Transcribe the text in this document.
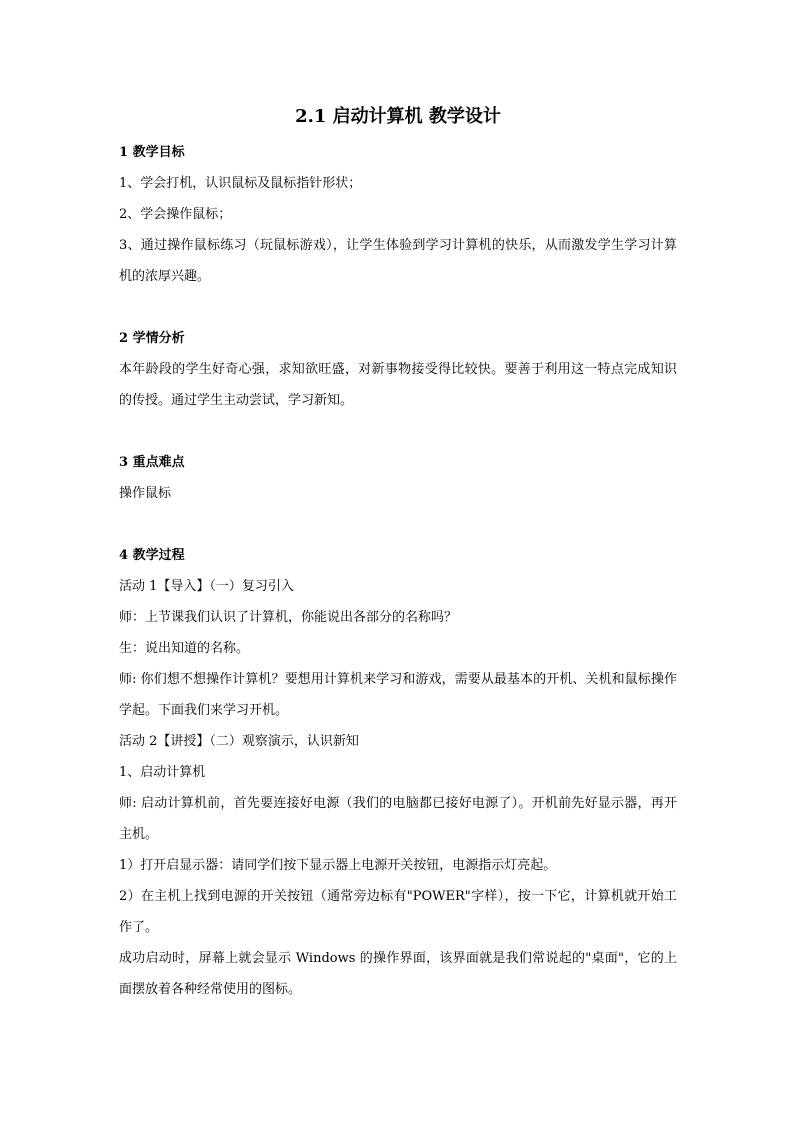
2.1 启动计算机 教学设计

1 教学目标

1、学会打机，认识鼠标及鼠标指针形状；

2、学会操作鼠标；

3、通过操作鼠标练习（玩鼠标游戏），让学生体验到学习计算机的快乐，从而激发学生学习计算机的浓厚兴趣。

2 学情分析

本年龄段的学生好奇心强，求知欲旺盛，对新事物接受得比较快。要善于利用这一特点完成知识的传授。通过学生主动尝试，学习新知。

3 重点难点

操作鼠标

4 教学过程

活动 1【导入】（一）复习引入

师：上节课我们认识了计算机，你能说出各部分的名称吗？

生：说出知道的名称。

师: 你们想不想操作计算机？要想用计算机来学习和游戏，需要从最基本的开机、关机和鼠标操作学起。下面我们来学习开机。

活动 2【讲授】（二）观察演示，认识新知

1、启动计算机

师: 启动计算机前，首先要连接好电源（我们的电脑都已接好电源了）。开机前先好显示器，再开主机。

1）打开启显示器：请同学们按下显示器上电源开关按钮，电源指示灯亮起。

2）在主机上找到电源的开关按钮（通常旁边标有"POWER"字样），按一下它，计算机就开始工作了。

成功启动时，屏幕上就会显示 Windows 的操作界面，该界面就是我们常说起的"桌面"，它的上面摆放着各种经常使用的图标。
